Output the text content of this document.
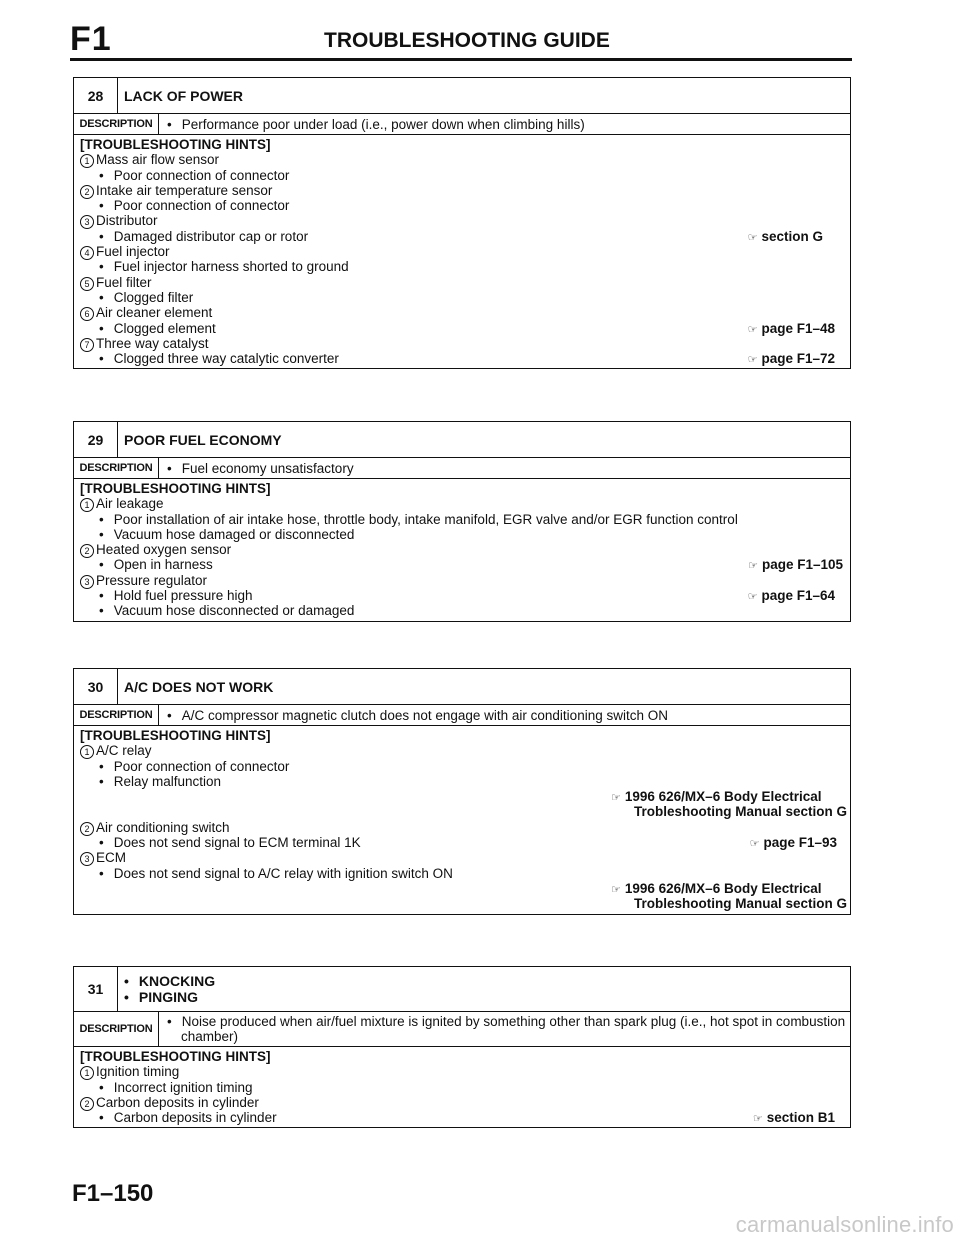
F1	TROUBLESHOOTING GUIDE
28	LACK OF POWER
DESCRIPTION	• Performance poor under load (i.e., power down when climbing hills)
[TROUBLESHOOTING HINTS]
1 Mass air flow sensor
• Poor connection of connector
2 Intake air temperature sensor
• Poor connection of connector
3 Distributor
• Damaged distributor cap or rotor	☞ section G
4 Fuel injector
• Fuel injector harness shorted to ground
5 Fuel filter
• Clogged filter
6 Air cleaner element
• Clogged element	☞ page F1–48
7 Three way catalyst
• Clogged three way catalytic converter	☞ page F1–72
29	POOR FUEL ECONOMY
DESCRIPTION	• Fuel economy unsatisfactory
[TROUBLESHOOTING HINTS]
1 Air leakage
• Poor installation of air intake hose, throttle body, intake manifold, EGR valve and/or EGR function control
• Vacuum hose damaged or disconnected
2 Heated oxygen sensor
• Open in harness	☞ page F1–105
3 Pressure regulator
• Hold fuel pressure high	☞ page F1–64
• Vacuum hose disconnected or damaged
30	A/C DOES NOT WORK
DESCRIPTION	• A/C compressor magnetic clutch does not engage with air conditioning switch ON
[TROUBLESHOOTING HINTS]
1 A/C relay
• Poor connection of connector
• Relay malfunction
☞ 1996 626/MX–6 Body Electrical
Trobleshooting Manual section G
2 Air conditioning switch
• Does not send signal to ECM terminal 1K	☞ page F1–93
3 ECM
• Does not send signal to A/C relay with ignition switch ON
☞ 1996 626/MX–6 Body Electrical
Trobleshooting Manual section G
31	• KNOCKING
• PINGING
DESCRIPTION	• Noise produced when air/fuel mixture is ignited by something other than spark plug (i.e., hot spot in combustion
chamber)
[TROUBLESHOOTING HINTS]
1 Ignition timing
• Incorrect ignition timing
2 Carbon deposits in cylinder
• Carbon deposits in cylinder	☞ section B1
F1–150
carmanualsonline.info
